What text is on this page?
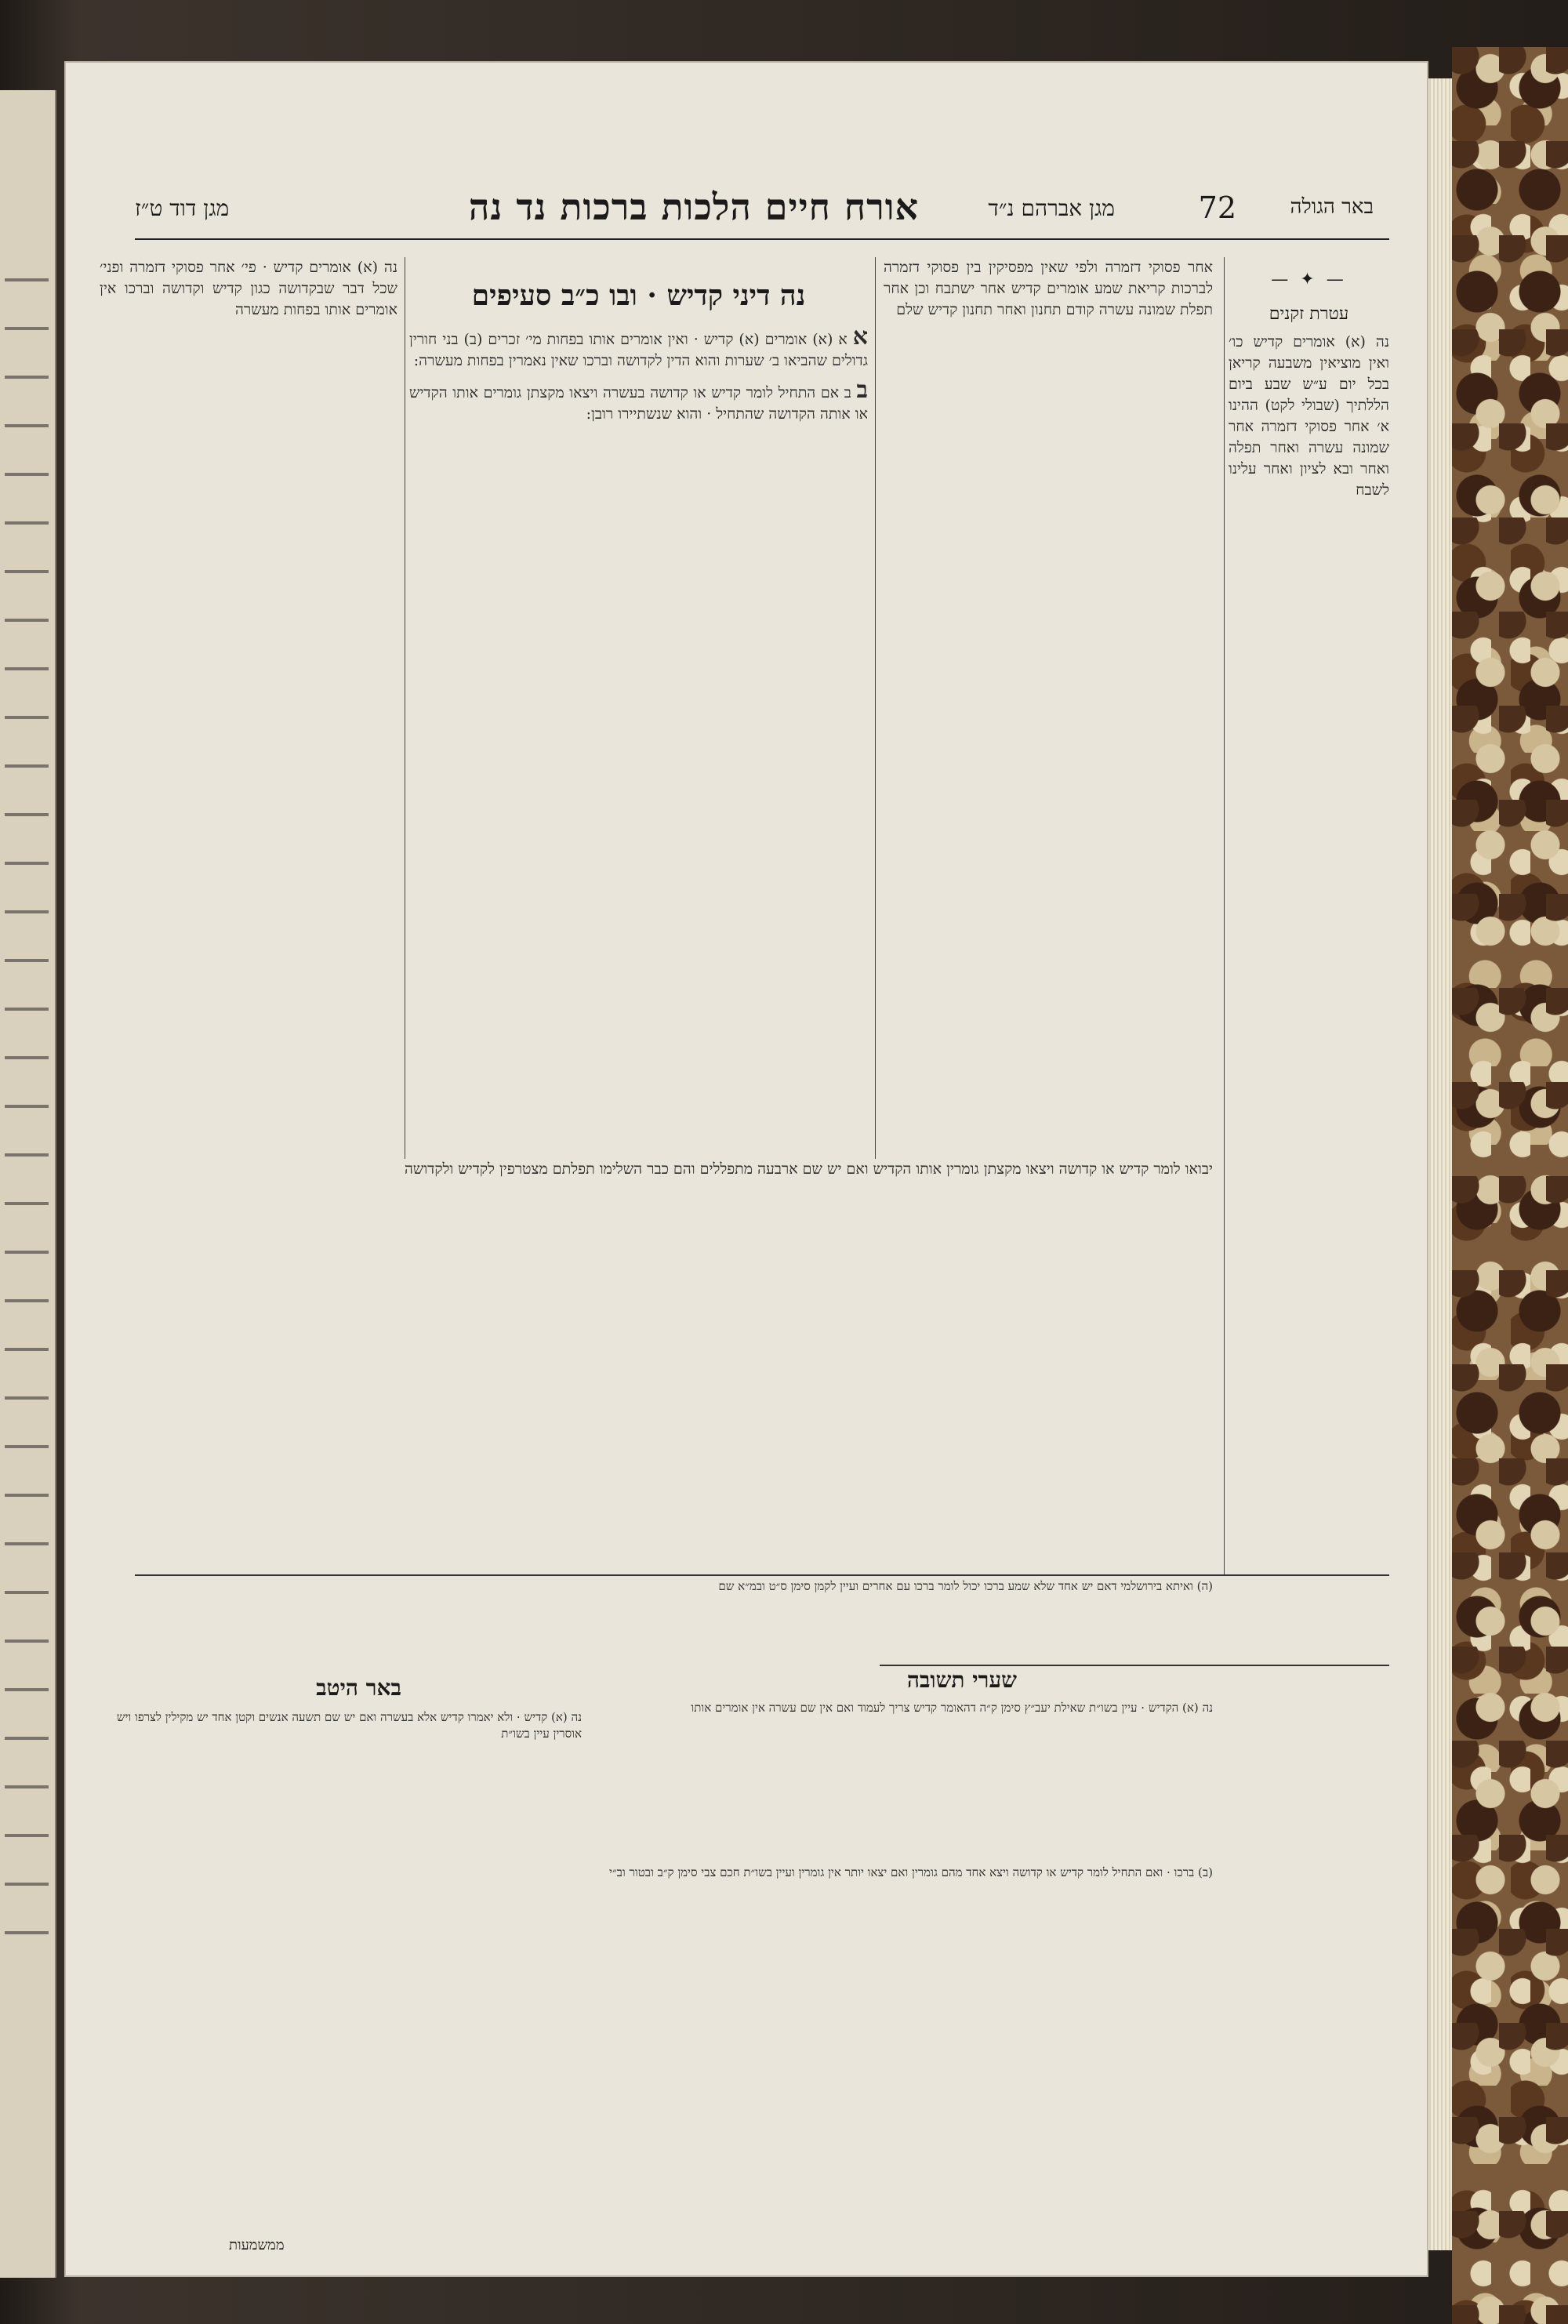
באר הגולה
72
מגן אברהם נ״ד
אורח חיים הלכות ברכות נד נה
מגן דוד ט״ז
— ✦ —
עטרת זקנים
נה (א) אומרים קדיש כו׳ ואין מוציאין משבעה קריאן בכל יום ע״ש שבע ביום הללתיך (שבולי לקט) ההינו א׳ אחר פסוקי דזמרה אחר שמונה עשרה ואחר תפלה ואחר ובא לציון ואחר עלינו לשבח
אחר פסוקי דזמרה ולפי שאין מפסיקין בין פסוקי דזמרה לברכות קריאת שמע אומרים קדיש אחר ישתבח וכן אחר תפלת שמונה עשרה קודם תחנון ואחר תחנון קדיש שלם
נה דיני קדיש · ובו כ״ב סעיפים
א א (א) אומרים (א) קדיש · ואין אומרים אותו בפחות מי׳ זכרים (ב) בני חורין גדולים שהביאו ב׳ שערות והוא הדין לקדושה וברכו שאין נאמרין בפחות מעשרה:
ב ב אם התחיל לומר קדיש או קדושה בעשרה ויצאו מקצתן גומרים אותו הקדיש או אותה הקדושה שהתחיל · והוא שנשתיירו רובן:
נה (א) אומרים קדיש · פי׳ אחר פסוקי דזמרה ופני׳ שכל דבר שבקדושה כגון קדיש וקדושה וברכו אין אומרים אותו בפחות מעשרה
יבואו לומר קדיש או קדושה ויצאו מקצתן גומרין אותו הקדיש ואם יש שם ארבעה מתפללים והם כבר השלימו תפלתם מצטרפין לקדיש ולקדושה
(ה) ואיתא בירושלמי דאם יש אחד שלא שמע ברכו יכול לומר ברכו עם אחרים ועיין לקמן סימן ס״ט ובמ״א שם
שערי תשובה
נה (א) הקדיש · עיין בשו״ת שאילת יעב״ץ סימן ק״ה דהאומר קדיש צריך לעמוד ואם אין שם עשרה אין אומרים אותו
באר היטב
נה (א) קדיש · ולא יאמרו קדיש אלא בעשרה ואם יש שם תשעה אנשים וקטן אחד יש מקילין לצרפו ויש אוסרין עיין בשו״ת
(ב) ברכו · ואם התחיל לומר קדיש או קדושה ויצא אחד מהם גומרין ואם יצאו יותר אין גומרין ועיין בשו״ת חכם צבי סימן ק״ב ובטור וב״י
ממשמעות
